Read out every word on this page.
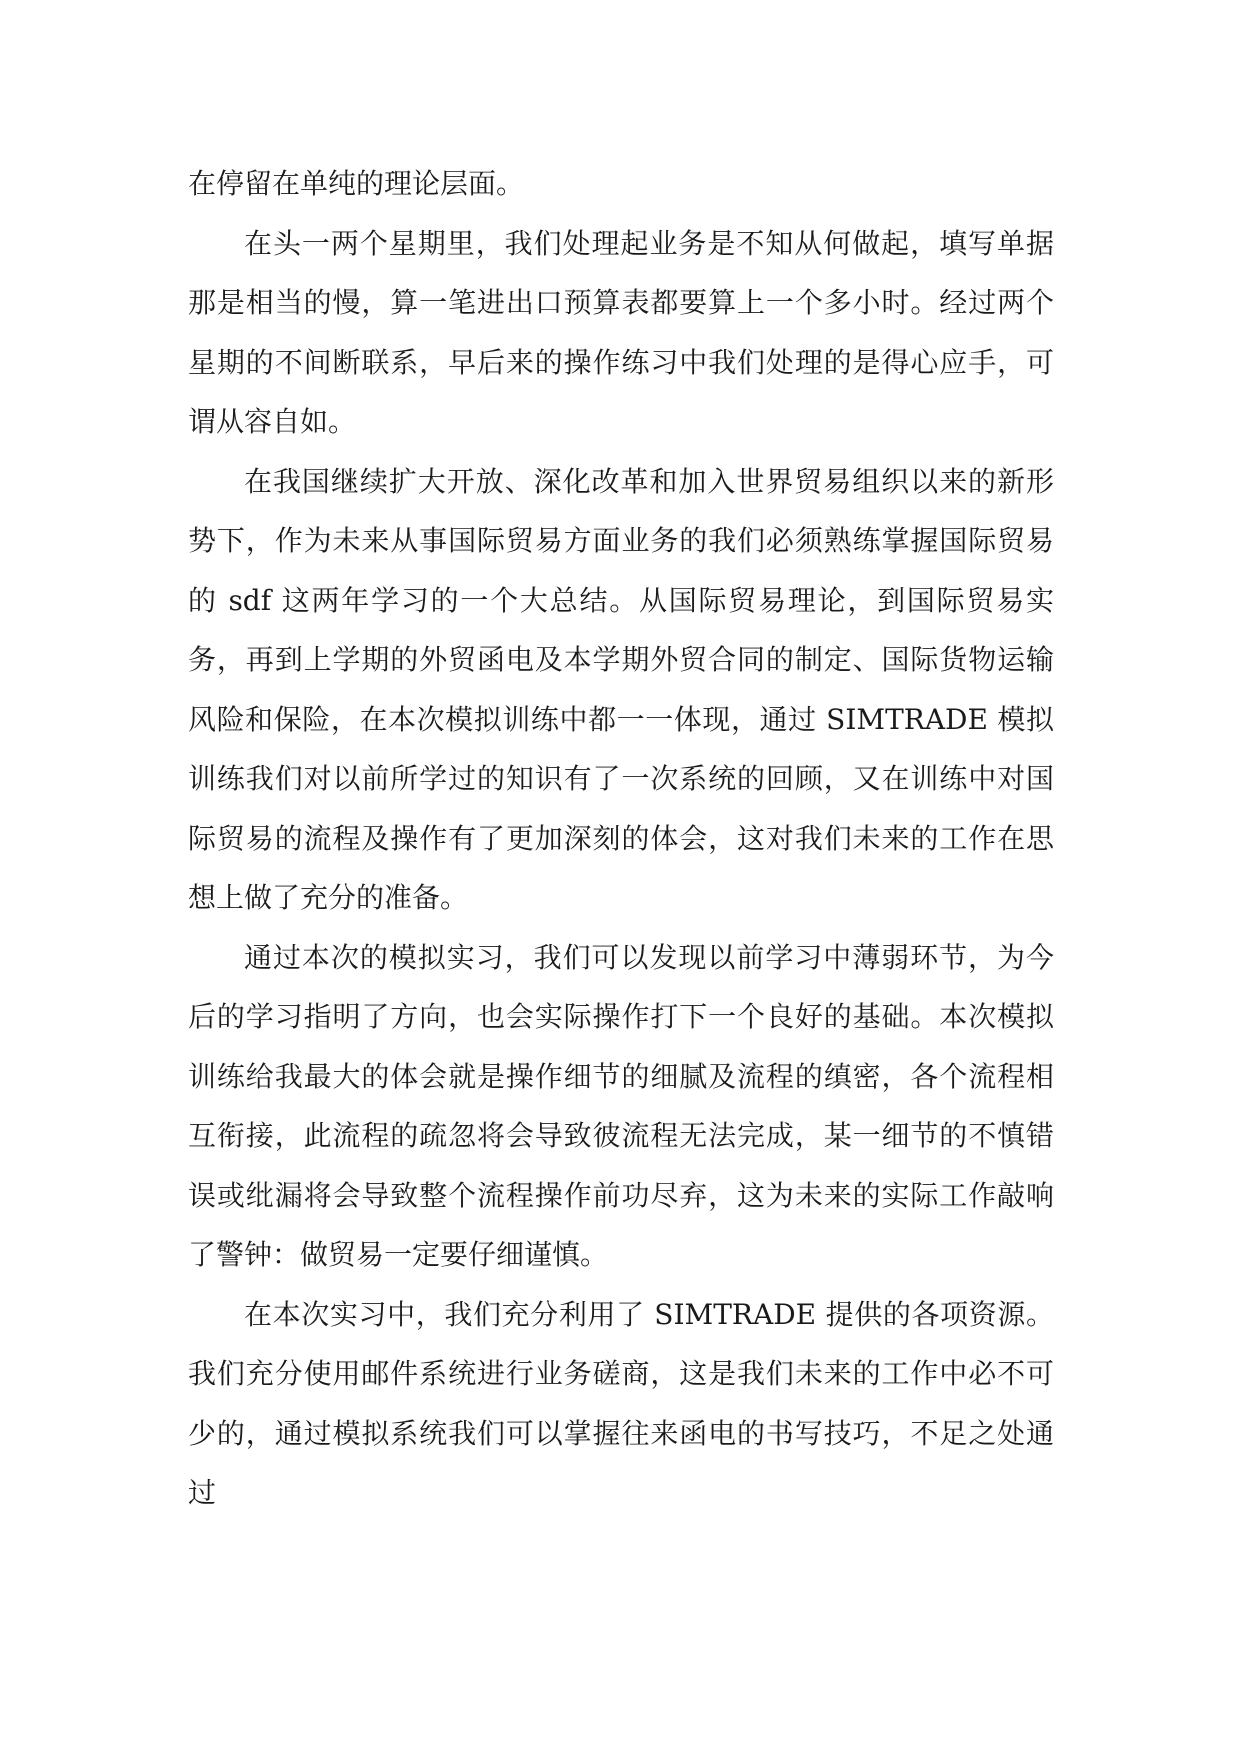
在停留在单纯的理论层面。

在头一两个星期里，我们处理起业务是不知从何做起，填写单据那是相当的慢，算一笔进出口预算表都要算上一个多小时。经过两个星期的不间断联系，早后来的操作练习中我们处理的是得心应手，可谓从容自如。

在我国继续扩大开放、深化改革和加入世界贸易组织以来的新形势下，作为未来从事国际贸易方面业务的我们必须熟练掌握国际贸易的 sdf 这两年学习的一个大总结。从国际贸易理论，到国际贸易实务，再到上学期的外贸函电及本学期外贸合同的制定、国际货物运输风险和保险，在本次模拟训练中都一一体现，通过 SIMTRADE 模拟训练我们对以前所学过的知识有了一次系统的回顾，又在训练中对国际贸易的流程及操作有了更加深刻的体会，这对我们未来的工作在思想上做了充分的准备。

通过本次的模拟实习，我们可以发现以前学习中薄弱环节，为今后的学习指明了方向，也会实际操作打下一个良好的基础。本次模拟训练给我最大的体会就是操作细节的细腻及流程的缜密，各个流程相互衔接，此流程的疏忽将会导致彼流程无法完成，某一细节的不慎错误或纰漏将会导致整个流程操作前功尽弃，这为未来的实际工作敲响了警钟：做贸易一定要仔细谨慎。

在本次实习中，我们充分利用了 SIMTRADE 提供的各项资源。我们充分使用邮件系统进行业务磋商，这是我们未来的工作中必不可少的，通过模拟系统我们可以掌握往来函电的书写技巧，不足之处通过
